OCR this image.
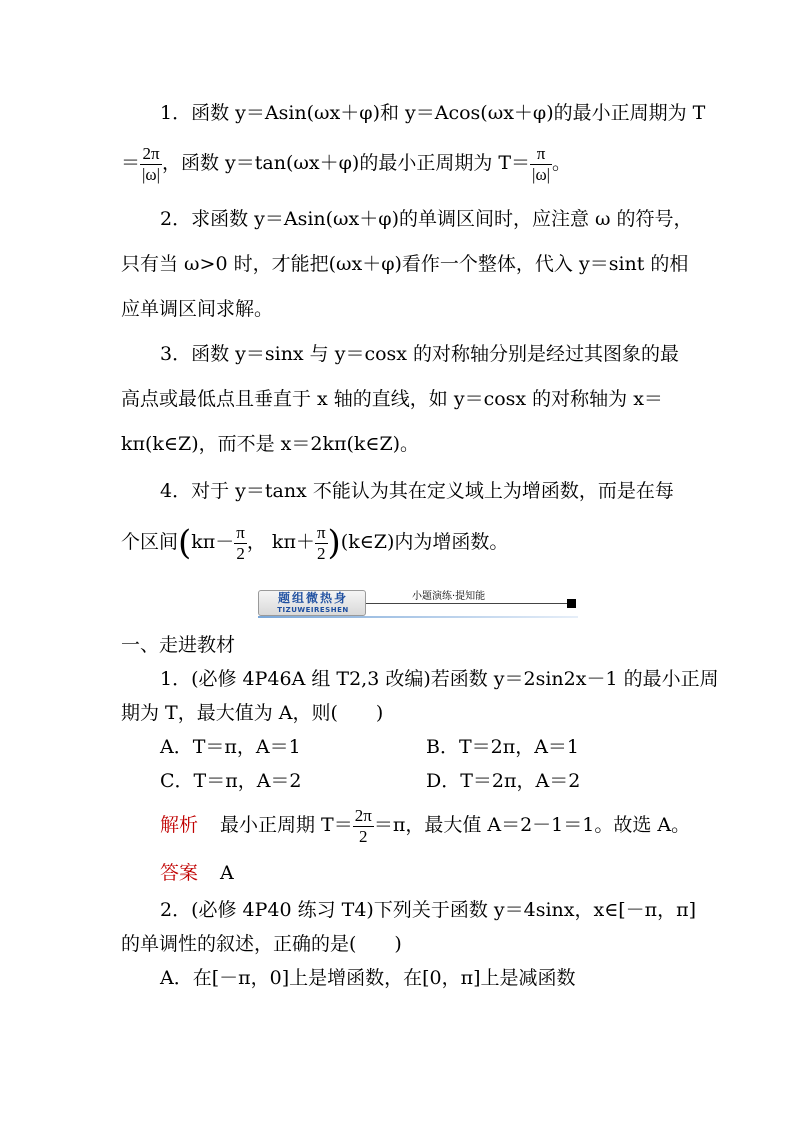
1．函数 y＝Asin(ωx＋φ)和 y＝Acos(ωx＋φ)的最小正周期为 T
＝ $\frac{2\pi}{|\omega|}$ ，函数 y＝tan(ωx＋φ)的最小正周期为 $T= \frac{\pi}{|\omega|}$ 。
2．求函数 y＝Asin(ωx＋φ)的单调区间时，应注意 ω 的符号，
只有当 ω>0 时，才能把(ωx＋φ)看作一个整体，代入 y＝sint 的相
应单调区间求解。
3．函数 y＝sinx 与 y＝cosx 的对称轴分别是经过其图象的最
高点或最低点且垂直于 x 轴的直线，如 y＝cosx 的对称轴为 x＝
kπ(k∈Z)，而不是 x＝2kπ(k∈Z)。
4．对于 y＝tanx 不能认为其在定义域上为增函数，而是在每
个区间($k\pi- \frac{\pi}{2}$ ， $k\pi+ \frac{\pi}{2}$ )(k∈Z)内为增函数。
题组微热身
TIZUWEIRESHEN
小题演练·提知能
一、走进教材
1．(必修 4P46A 组 T2,3 改编)若函数 y＝2sin2x－1 的最小正周
期为 T，最大值为 A，则(　　)
A．T＝π，A＝1	B．T＝2π，A＝1
C．T＝π，A＝2	D．T＝2π，A＝2
解析 最小正周期 $T= \frac{2\pi}{2} =\pi$，最大值 A＝2－1＝1。故选 A。
答案 A
2．(必修 4P40 练习 T4)下列关于函数 y＝4sinx，x∈[－π，π]
的单调性的叙述，正确的是(　　)
A．在[－π，0]上是增函数，在[0，π]上是减函数
